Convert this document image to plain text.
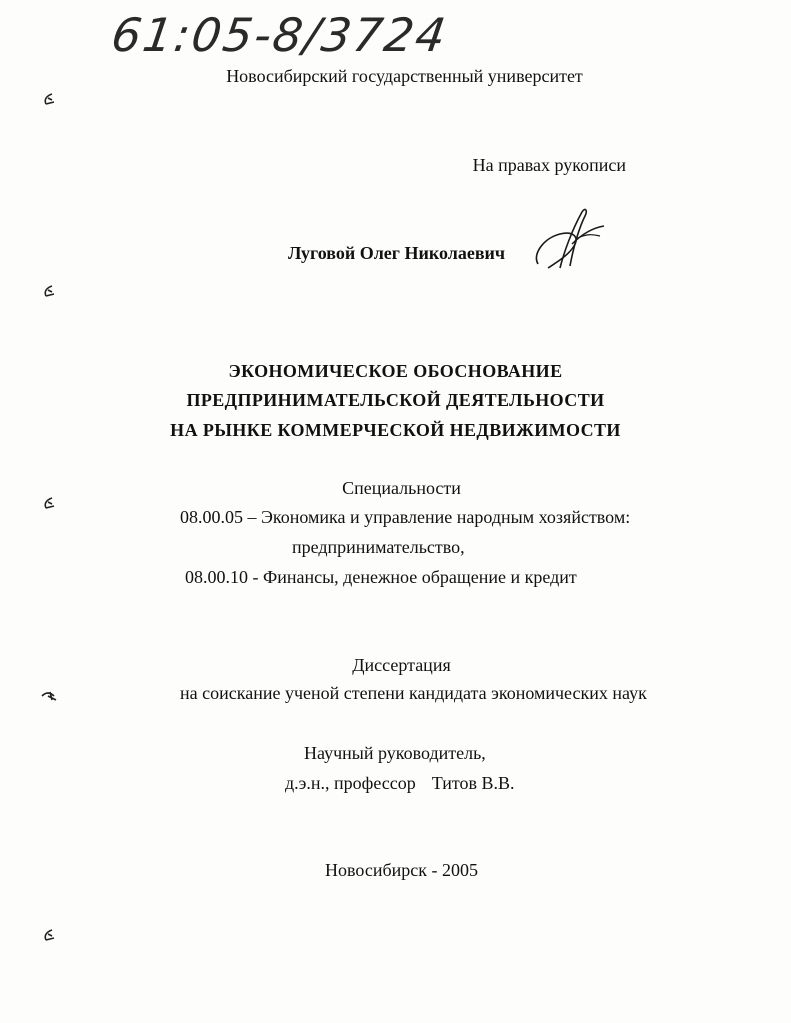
61:05-8/3724
Новосибирский государственный университет
На правах рукописи
Луговой Олег Николаевич
ЭКОНОМИЧЕСКОЕ ОБОСНОВАНИЕ
ПРЕДПРИНИМАТЕЛЬСКОЙ ДЕЯТЕЛЬНОСТИ
НА РЫНКЕ КОММЕРЧЕСКОЙ НЕДВИЖИМОСТИ
Специальности
08.00.05 – Экономика и управление народным хозяйством:
предпринимательство,
08.00.10 - Финансы, денежное обращение и кредит
Диссертация
на соискание ученой степени кандидата экономических наук
Научный руководитель,
д.э.н., профессор Титов В.В.
Новосибирск - 2005
